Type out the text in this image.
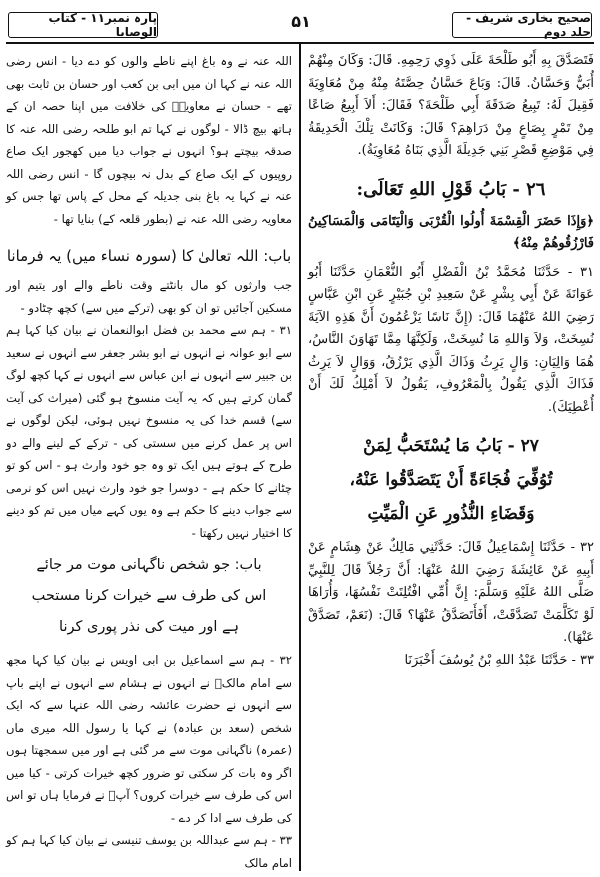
صحیح بخاری شریف - جلد دوم
۵۱
پارہ نمبر۱۱ - کتاب الوصایا

فَتَصَدَّقَ بِهِ أَبُو طَلْحَةَ عَلَى ذَوِي رَحِمِهِ. قَالَ: وَكَانَ مِنْهُمْ أُبَيٌّ وَحَسَّانُ. قَالَ: وَبَاعَ حَسَّانُ حِصَّتَهُ مِنْهُ مِنْ مُعَاوِيَةَ فَقِيلَ لَهُ: تَبِيعُ صَدَقَةَ أَبِي طَلْحَةَ؟ فَقَالَ: أَلاَ أَبِيعُ صَاعًا مِنْ تَمْرٍ بِصَاعٍ مِنْ دَرَاهِمَ؟ قَالَ: وَكَانَتْ تِلْكَ الْحَدِيقَةُ فِي مَوْضِعِ قَصْرِ بَنِي جَدِيلَةَ الَّذِي بَنَاهُ مُعَاوِيَةُ).

٢٦ - بَابُ قَوْلِ اللهِ تَعَالَى:

﴿وَإِذَا حَضَرَ الْقِسْمَةَ أُولُوا الْقُرْبَى وَالْيَتَامَى وَالْمَسَاكِينُ فَارْزُقُوهُمْ مِنْهُ﴾

٣١ - حَدَّثَنَا مُحَمَّدُ بْنُ الْفَضْلِ أَبُو النُّعْمَانِ حَدَّثَنَا أَبُو عَوَانَةَ عَنْ أَبِي بِشْرٍ عَنْ سَعِيدِ بْنِ جُبَيْرٍ عَنِ ابْنِ عَبَّاسٍ رَضِيَ اللهُ عَنْهُمَا قَالَ: (إِنَّ نَاسًا يَزْعُمُونَ أَنَّ هَذِهِ الآيَةَ نُسِخَتْ، وَلاَ وَاللهِ مَا نُسِخَتْ، وَلَكِنَّهَا مِمَّا تَهَاوَنَ النَّاسُ، هُمَا وَالِيَانِ: وَالٍ يَرِثُ وَذَاكَ الَّذِي يَرْزُقُ، وَوَالٍ لاَ يَرِثُ فَذَاكَ الَّذِي يَقُولُ بِالْمَعْرُوفِ، يَقُولُ لاَ أَمْلِكُ لَكَ أَنْ أُعْطِيَكَ).

٢٧ - بَابُ مَا يُسْتَحَبُّ لِمَنْ
تُوُفِّيَ فُجَاءَةً أَنْ يَتَصَدَّقُوا عَنْهُ،
وَقَضَاءِ النُّذُورِ عَنِ الْمَيِّتِ

٣٢ - حَدَّثَنَا إِسْمَاعِيلُ قَالَ: حَدَّثَنِي مَالِكٌ عَنْ هِشَامٍ عَنْ أَبِيهِ عَنْ عَائِشَةَ رَضِيَ اللهُ عَنْهَا: أَنَّ رَجُلاً قَالَ لِلنَّبِيِّ صَلَّى اللهُ عَلَيْهِ وَسَلَّمَ: إِنَّ أُمِّي افْتُلِتَتْ نَفْسُهَا، وَأُرَاهَا لَوْ تَكَلَّمَتْ تَصَدَّقَتْ، أَفَأَتَصَدَّقُ عَنْهَا؟ قَالَ: (نَعَمْ، تَصَدَّقْ عَنْهَا).

٣٣ - حَدَّثَنَا عَبْدُ اللهِ بْنُ يُوسُفَ أَخْبَرَنَا

اللہ عنہ نے وہ باغ اپنے ناطے والوں کو دے دیا - انس رضی اللہ عنہ نے کہا ان میں ابی بن کعب اور حسان بن ثابت بھی تھے - حسان نے معاویہؓ کی خلافت میں اپنا حصہ ان کے ہاتھ بیچ ڈالا - لوگوں نے کہا تم ابو طلحہ رضی اللہ عنہ کا صدقہ بیچتے ہو؟ انہوں نے جواب دیا میں کھجور ایک صاع روپیوں کے ایک صاع کے بدل نہ بیچوں گا - انس رضی اللہ عنہ نے کہا یہ باغ بنی جدیلہ کے محل کے پاس تھا جس کو معاویہ رضی اللہ عنہ نے (بطور قلعہ کے) بنایا تھا -

باب: اللہ تعالیٰ کا (سورہ نساء میں) یہ فرمانا

جب وارثوں کو مال بانٹتے وقت ناطے والے اور یتیم اور مسکین آجائیں تو ان کو بھی (ترکے میں سے) کچھ چٹادو -

۳۱ - ہم سے محمد بن فضل ابوالنعمان نے بیان کیا کہا ہم سے ابو عوانہ نے انہوں نے ابو بشر جعفر سے انہوں نے سعید بن جبیر سے انہوں نے ابن عباس سے انہوں نے کہا کچھ لوگ گمان کرتے ہیں کہ یہ آیت منسوخ ہو گئی (میراث کی آیت سے) قسم خدا کی یہ منسوخ نہیں ہوئی، لیکن لوگوں نے اس پر عمل کرنے میں سستی کی - ترکے کے لینے والے دو طرح کے ہوتے ہیں ایک تو وہ جو خود وارث ہو - اس کو تو چٹانے کا حکم ہے - دوسرا جو خود وارث نہیں اس کو نرمی سے جواب دینے کا حکم ہے وہ یوں کہے میاں میں تم کو دینے کا اختیار نہیں رکھتا -

باب: جو شخص ناگہانی موت مر جائے
اس کی طرف سے خیرات کرنا مستحب
ہے اور میت کی نذر پوری کرنا

۳۲ - ہم سے اسماعیل بن ابی اویس نے بیان کیا کہا مجھ سے امام مالکؒ نے انہوں نے ہشام سے انہوں نے اپنے باپ سے انہوں نے حضرت عائشہ رضی اللہ عنہا سے کہ ایک شخص (سعد بن عبادہ) نے کہا یا رسول اللہ میری ماں (عمرہ) ناگہانی موت سے مر گئی ہے اور میں سمجھتا ہوں اگر وہ بات کر سکتی تو ضرور کچھ خیرات کرتی - کیا میں اس کی طرف سے خیرات کروں؟ آپؐ نے فرمایا ہاں تو اس کی طرف سے ادا کر دے -

۳۳ - ہم سے عبداللہ بن یوسف تنیسی نے بیان کیا کہا ہم کو امام مالک
